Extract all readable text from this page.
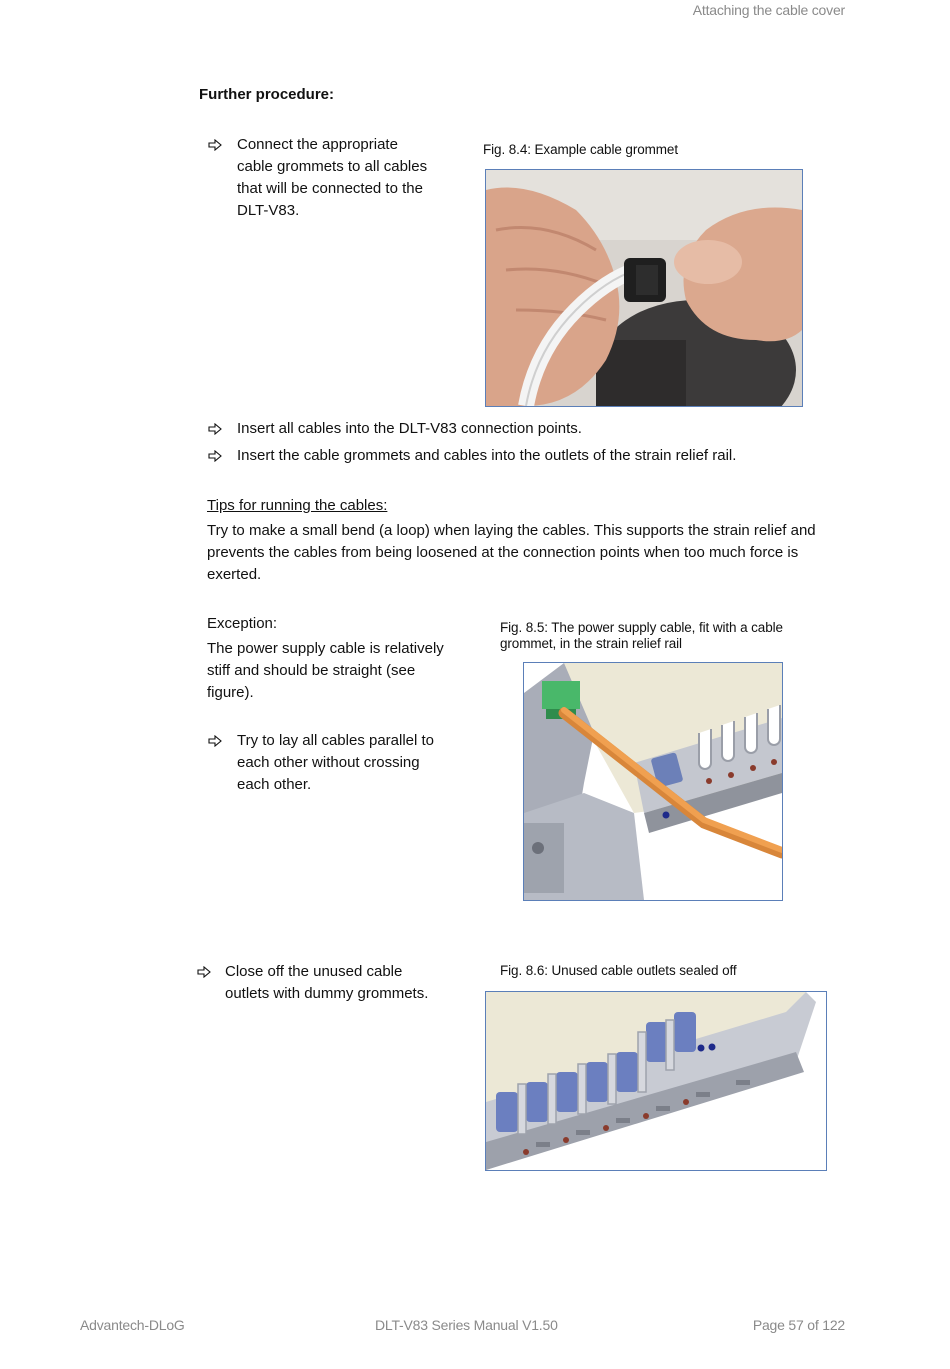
Attaching the cable cover
Further procedure:
Connect the appropriate
cable grommets to all cables
that will be connected to the
DLT-V83.
Fig. 8.4: Example cable grommet
Insert all cables into the DLT-V83 connection points.
Insert the cable grommets and cables into the outlets of the strain relief rail.
Tips for running the cables:
Try to make a small bend (a loop) when laying the cables. This supports the strain relief and
prevents the cables from being loosened at the connection points when too much force is
exerted.
Exception:
The power supply cable is relatively
stiff and should be straight (see
figure).
Try to lay all cables parallel to
each other without crossing
each other.
Fig. 8.5: The power supply cable, fit with a cable
grommet, in the strain relief rail
Close off the unused cable
outlets with dummy grommets.
Fig. 8.6: Unused cable outlets sealed off
Advantech-DLoG	DLT-V83 Series Manual V1.50	Page 57 of 122
